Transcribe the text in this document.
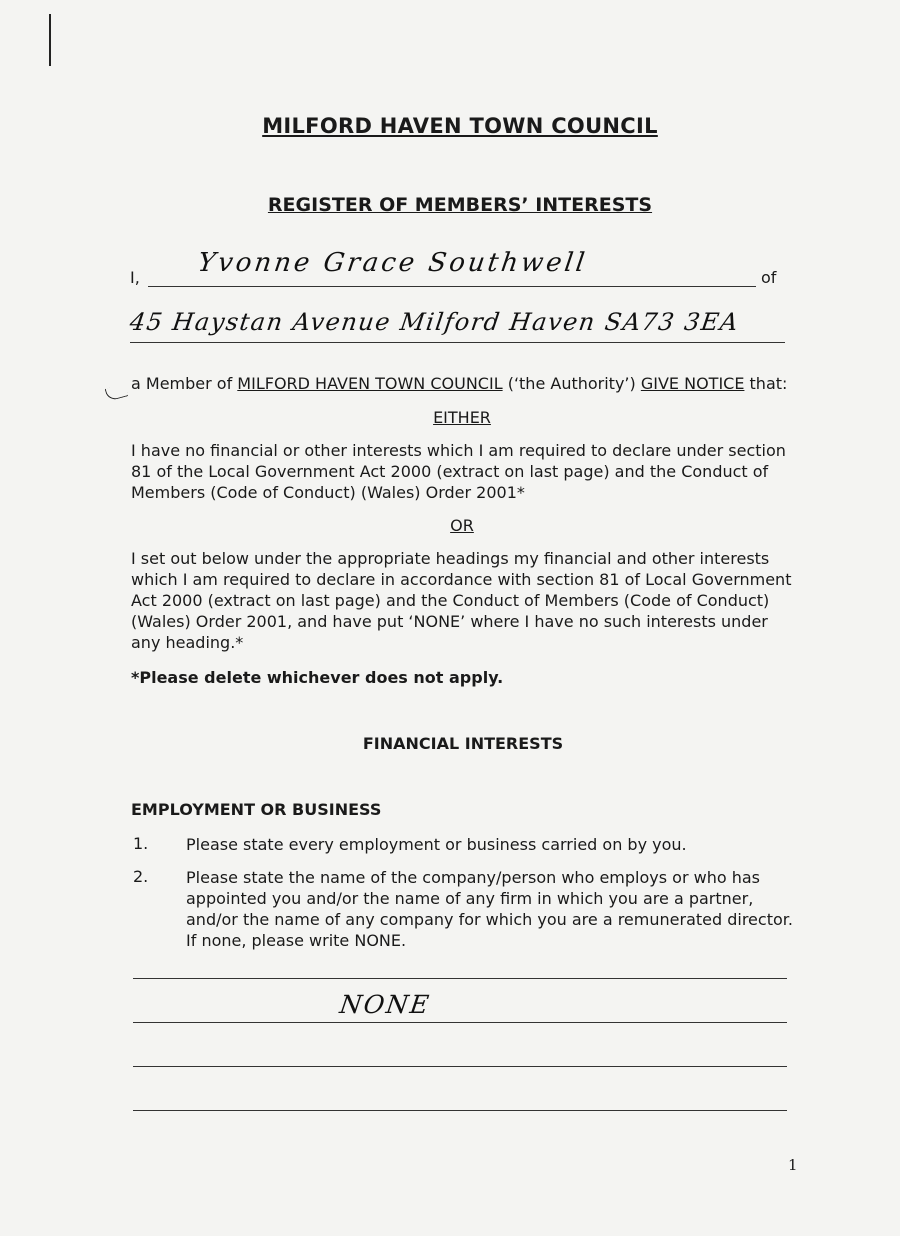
MILFORD HAVEN TOWN COUNCIL
REGISTER OF MEMBERS’ INTERESTS
I, Yvonne Grace Southwell	of
45 Haystan Avenue Milford Haven SA73 3EA
a Member of MILFORD HAVEN TOWN COUNCIL (‘the Authority’) GIVE NOTICE that:
EITHER
I have no financial or other interests which I am required to declare under section 81 of the Local Government Act 2000 (extract on last page) and the Conduct of Members (Code of Conduct) (Wales) Order 2001*
OR
I set out below under the appropriate headings my financial and other interests which I am required to declare in accordance with section 81 of Local Government Act 2000 (extract on last page) and the Conduct of Members (Code of Conduct) (Wales) Order 2001, and have put ‘NONE’ where I have no such interests under any heading.*
*Please delete whichever does not apply.
FINANCIAL INTERESTS
EMPLOYMENT OR BUSINESS
1. Please state every employment or business carried on by you.
2. Please state the name of the company/person who employs or who has appointed you and/or the name of any firm in which you are a partner, and/or the name of any company for which you are a remunerated director. If none, please write NONE.
NONE
1
